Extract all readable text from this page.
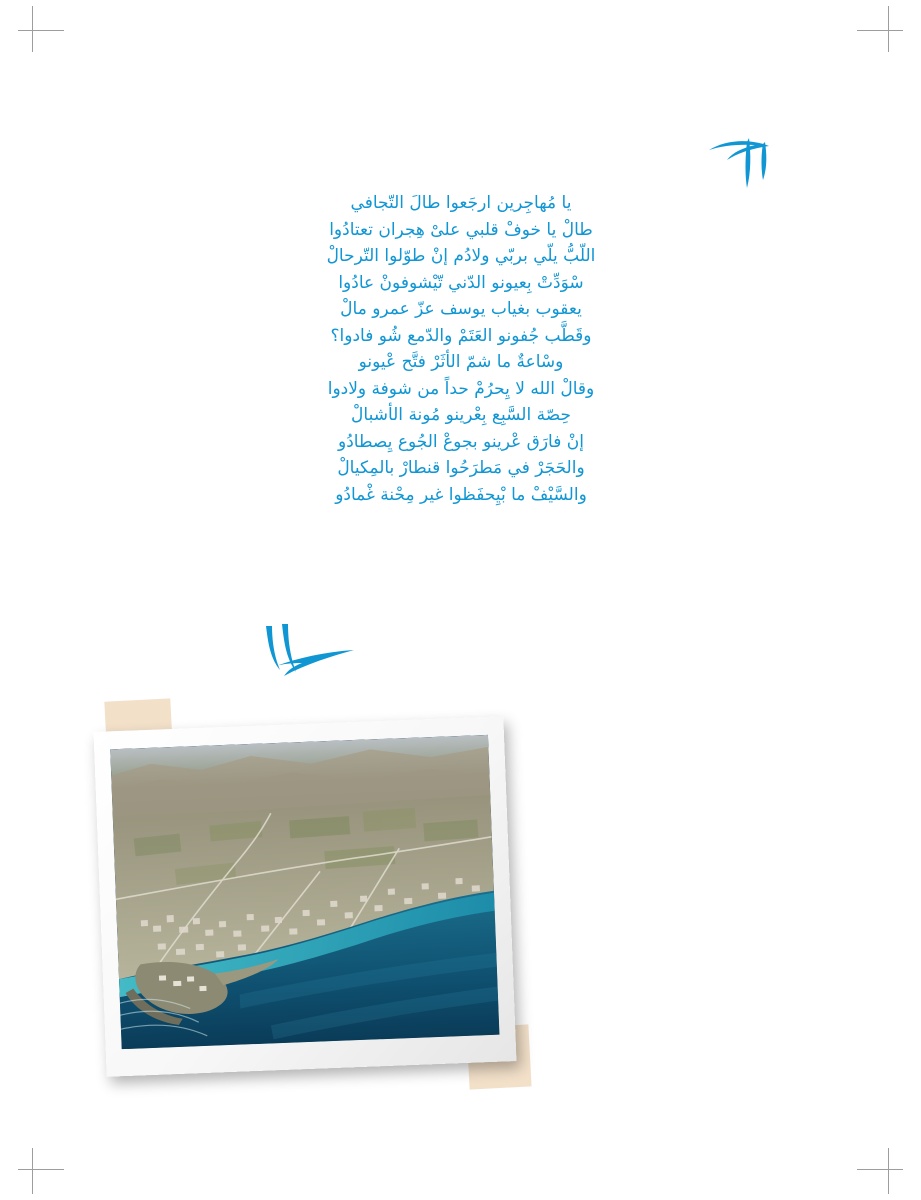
يا مُهاجِرين ارجَعوا طالَ التّجافي
طالْ يا خوفْ قلبي علىْ هِجران تعتادُوا
اللّبُّ يلّي بربّي ولادُم إنْ طوّلوا التّرحالْ
سْوَدِّتْ بِعيونو الدّني تّيْشوفونْ عادُوا
يعقوب بغياب يوسف عزّ عمرو مالْ
وقَطَّب جُفونو العَتَمْ والدّمع شُو فادوا؟
وسْاعةٌ ما شمّ الأثَرْ فتَّح عْيونو
وقالْ الله لا يِحرُمْ حداً من شوفة ولادوا
حِصّة السَّبِع بِعْرينو مُونة الأشبالْ
إنْ فارَق عْرينو بجوعْ الجُوع يِصطادُو
والحَجَرْ في مَطرَحُوا قنطارْ بالمِكيالْ
والسَّيْفْ ما بْيِحفَظوا غير مِحْنة غْمادُو
